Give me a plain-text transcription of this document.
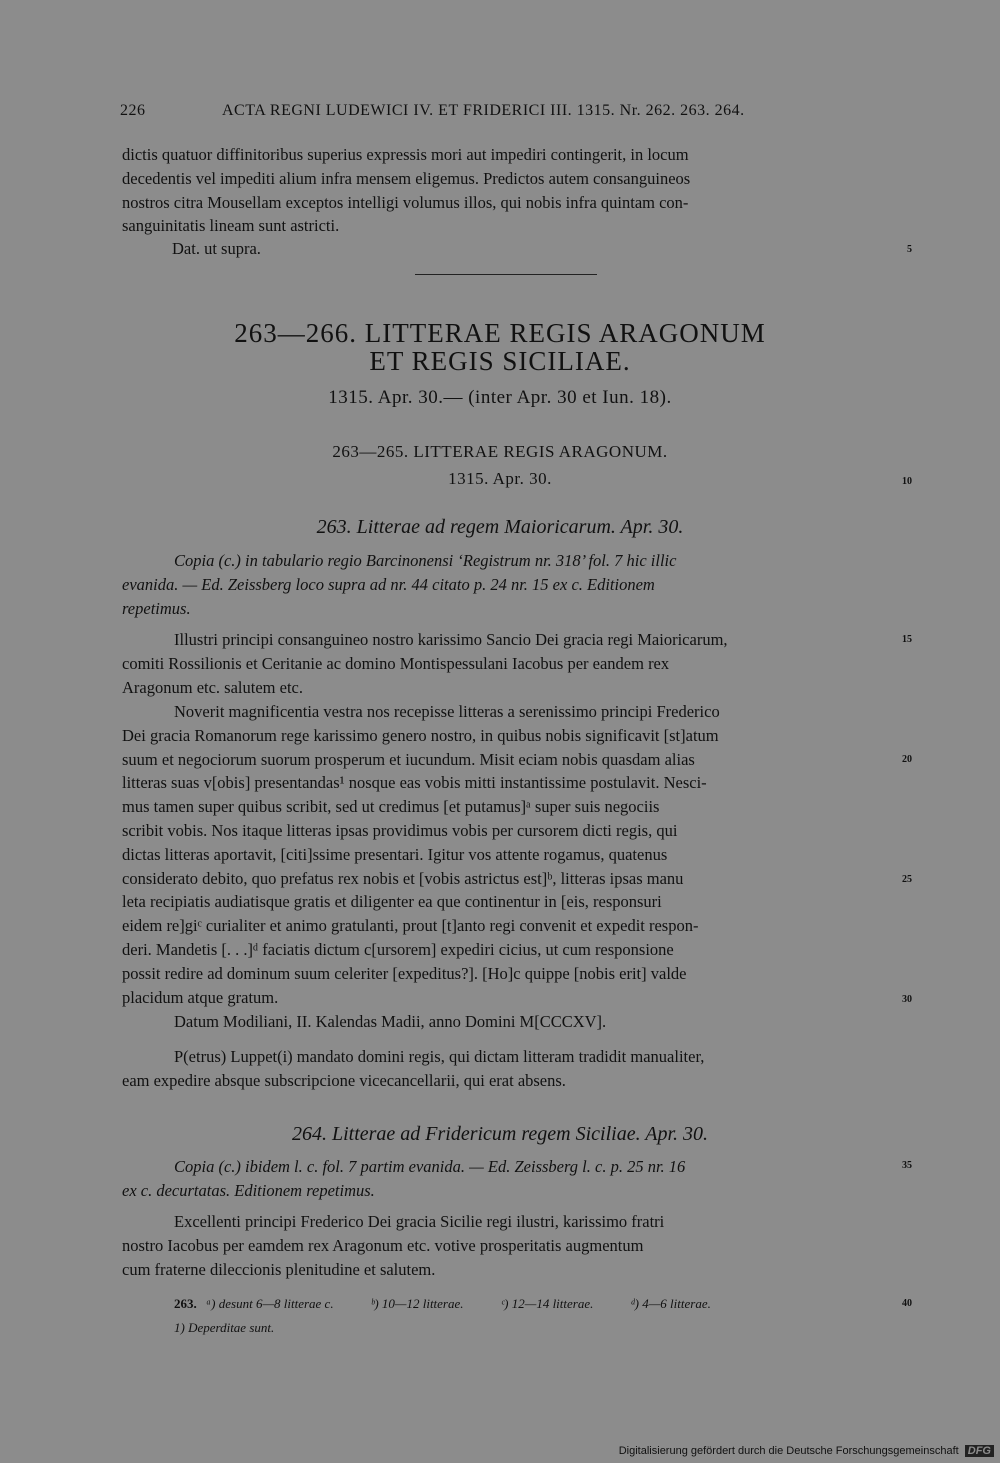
226	ACTA REGNI LUDEWICI IV. ET FRIDERICI III. 1315. Nr. 262. 263. 264.
dictis quatuor diffinitoribus superius expressis mori aut impediri contingerit, in locum
decedentis vel impediti alium infra mensem eligemus. Predictos autem consanguineos
nostros citra Mousellam exceptos intelligi volumus illos, qui nobis infra quintam con-
sanguinitatis lineam sunt astricti.
Dat. ut supra.	5
263—266. LITTERAE REGIS ARAGONUM
ET REGIS SICILIAE.
1315. Apr. 30.— (inter Apr. 30 et Iun. 18).
263—265. LITTERAE REGIS ARAGONUM.
1315. Apr. 30.	10
263. Litterae ad regem Maioricarum. Apr. 30.
Copia (c.) in tabulario regio Barcinonensi ‘Registrum nr. 318’ fol. 7 hic illic
evanida. — Ed. Zeissberg loco supra ad nr. 44 citato p. 24 nr. 15 ex c. Editionem
repetimus.
Illustri principi consanguineo nostro karissimo Sancio Dei gracia regi Maioricarum,
comiti Rossilionis et Ceritanie ac domino Montispessulani Iacobus per eandem rex
Aragonum etc. salutem etc.
15
Noverit magnificentia vestra nos recepisse litteras a serenissimo principi Frederico
Dei gracia Romanorum rege karissimo genero nostro, in quibus nobis significavit [st]atum
suum et negociorum suorum prosperum et iucundum. Misit eciam nobis quasdam alias
litteras suas v[obis] presentandas¹ nosque eas vobis mitti instantissime postulavit. Nesci-
mus tamen super quibus scribit, sed ut credimus [et putamus]ᵃ super suis negociis
scribit vobis. Nos itaque litteras ipsas providimus vobis per cursorem dicti regis, qui
dictas litteras aportavit, [citi]ssime presentari. Igitur vos attente rogamus, quatenus
considerato debito, quo prefatus rex nobis et [vobis astrictus est]ᵇ, litteras ipsas manu
leta recipiatis audiatisque gratis et diligenter ea que continentur in [eis, responsuri
eidem re]giᶜ curialiter et animo gratulanti, prout [t]anto regi convenit et expedit respon-
deri. Mandetis [. . .]ᵈ faciatis dictum c[ursorem] expediri cicius, ut cum responsione
possit redire ad dominum suum celeriter [expeditus?]. [Ho]c quippe [nobis erit] valde
placidum atque gratum.
20
25
30
Datum Modiliani, II. Kalendas Madii, anno Domini M[CCCXV].
P(etrus) Luppet(i) mandato domini regis, qui dictam litteram tradidit manualiter,
eam expedire absque subscripcione vicecancellarii, qui erat absens.
264. Litterae ad Fridericum regem Siciliae. Apr. 30.
Copia (c.) ibidem l. c. fol. 7 partim evanida. — Ed. Zeissberg l. c. p. 25 nr. 16
ex c. decurtatas. Editionem repetimus.
35
Excellenti principi Frederico Dei gracia Sicilie regi ilustri, karissimo fratri
nostro Iacobus per eamdem rex Aragonum etc. votive prosperitatis augmentum
cum fraterne dileccionis plenitudine et salutem.
263. ᵃ) desunt 6—8 litterae c.	ᵇ) 10—12 litterae.	ᶜ) 12—14 litterae.	ᵈ) 4—6 litterae.	40
1) Deperditae sunt.
Digitalisierung gefördert durch die Deutsche Forschungsgemeinschaft DFG
